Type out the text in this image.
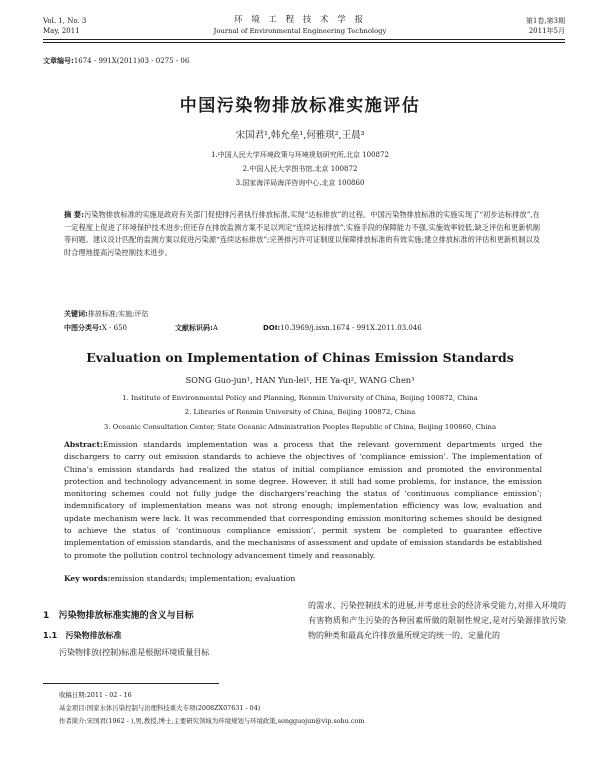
Vol. 1, No. 3
May, 2011
环 境 工 程 技 术 学 报
Journal of Environmental Engineering Technology
第1卷,第3期
2011年5月
文章编号:1674 - 991X(2011)03 - 0275 - 06
中国污染物排放标准实施评估
宋国君¹,韩允垒¹,何雅琪²,王晨³
1.中国人民大学环境政策与环境规划研究所,北京 100872
2.中国人民大学图书馆,北京 100872
3.国家海洋局海洋咨询中心,北京 100860
摘 要:污染物排放标准的实施是政府有关部门促使排污者执行排放标准,实现“达标排放”的过程。中国污染物排放标准的实施实现了“初步达标排放”,在一定程度上促进了环境保护技术进步;但还存在排放监测方案不足以判定“连续达标排放”,实施手段的保障能力不强,实施效率较低,缺乏评估和更新机制等问题。建议设计匹配的监测方案以促进污染源“连续达标排放”;完善排污许可证制度以保障排放标准的有效实施;建立排放标准的评估和更新机制以及时合理地提高污染控制技术进步。
关键词:排放标准;实施;评估
中图分类号:X - 650	文献标识码:A	DOI:10.3969/j.issn.1674 - 991X.2011.03.046
Evaluation on Implementation of Chinas Emission Standards
SONG Guo-jun¹, HAN Yun-lei¹, HE Ya-qi², WANG Chen³
1. Institute of Environmental Policy and Planning, Renmin University of China, Beijing 100872, China
2. Libraries of Renmin University of China, Beijing 100872, China
3. Oceanic Consultation Center, State Oceanic Administration Peoples Republic of China, Beijing 100860, China
Abstract:Emission standards implementation was a process that the relevant government departments urged the dischargers to carry out emission standards to achieve the objectives of ‘compliance emission’. The implementation of China’s emission standards had realized the status of initial compliance emission and promoted the environmental protection and technology advancement in some degree. However, it still had some problems, for instance, the emission monitoring schemes could not fully judge the dischargers’reaching the status of ‘continuous compliance emission’; indemnificatory of implementation means was not strong enough; implementation efficiency was low, evaluation and update mechanism were lack. It was recommended that corresponding emission monitoring schemes should be designed to achieve the status of ‘continuous compliance emission’, permit system be completed to guarantee effective implementation of emission standards, and the mechanisms of assessment and update of emission standards be established to promote the pollution control technology advancement timely and reasonably.
Key words:emission standards; implementation; evaluation
1 污染物排放标准实施的含义与目标
1.1 污染物排放标准
污染物排放(控制)标准是根据环境质量目标
的需求、污染控制技术的进展,并考虑社会的经济承受能力,对排入环境的有害物质和产生污染的各种因素所做的限制性规定,是对污染源排放污染物的种类和最高允许排放量所规定的统一的、定量化的
收稿日期:2011 - 02 - 16
基金项目:国家水体污染控制与治理科技重大专项(2008ZX07631 - 04)
作者简介:宋国君(1962 - ),男,教授,博士,主要研究领域为环境规划与环境政策,songguojun@vip.sohu.com
